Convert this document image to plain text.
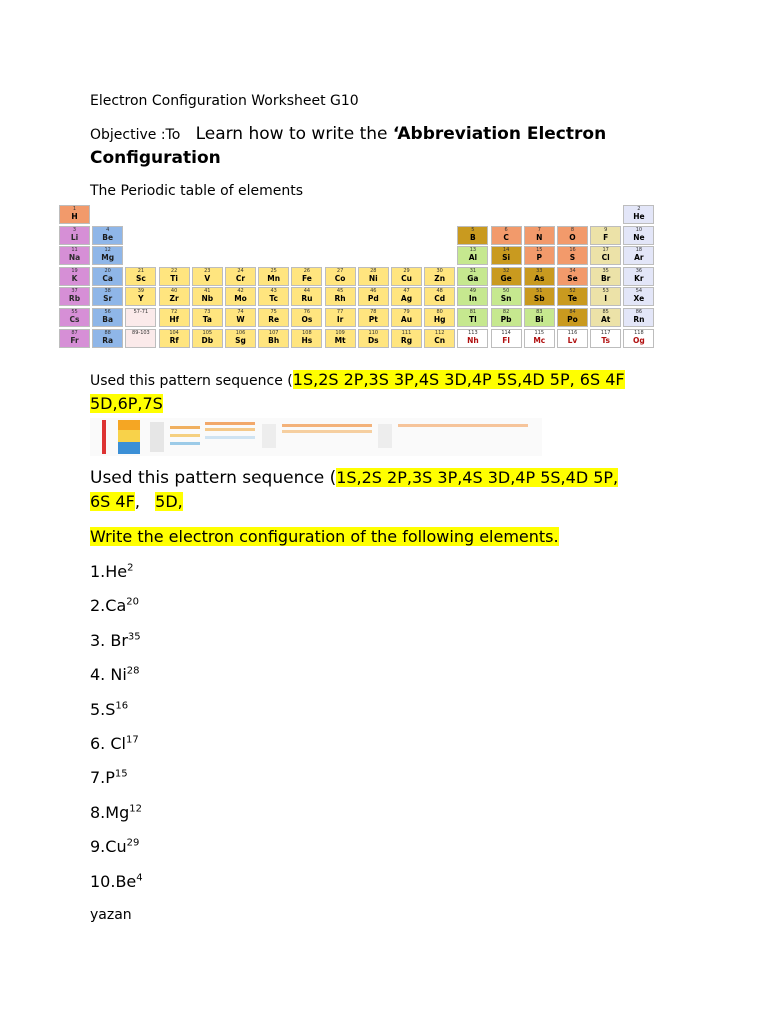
Electron Configuration Worksheet G10
Objective :To Learn how to write the ‘Abbreviation Electron
Configuration
The Periodic table of elements
1
H
2
He
3
Li
4
Be
5
B
6
C
7
N
8
O
9
F
10
Ne
11
Na
12
Mg
13
Al
14
Si
15
P
16
S
17
Cl
18
Ar
19
K
20
Ca
21
Sc
22
Ti
23
V
24
Cr
25
Mn
26
Fe
27
Co
28
Ni
29
Cu
30
Zn
31
Ga
32
Ge
33
As
34
Se
35
Br
36
Kr
37
Rb
38
Sr
39
Y
40
Zr
41
Nb
42
Mo
43
Tc
44
Ru
45
Rh
46
Pd
47
Ag
48
Cd
49
In
50
Sn
51
Sb
52
Te
53
I
54
Xe
55
Cs
56
Ba
57-71	72
Hf
73
Ta
74
W
75
Re
76
Os
77
Ir
78
Pt
79
Au
80
Hg
81
Tl
82
Pb
83
Bi
84
Po
85
At
86
Rn
87
Fr
88
Ra
89-103	104
Rf
105
Db
106
Sg
107
Bh
108
Hs
109
Mt
110
Ds
111
Rg
112
Cn
113
Nh
114
Fl
115
Mc
116
Lv
117
Ts
118
Og
Used this pattern sequence (1S,2S 2P,3S 3P,4S 3D,4P 5S,4D 5P, 6S 4F
5D,6P,7S
Used this pattern sequence (1S,2S 2P,3S 3P,4S 3D,4P 5S,4D 5P,
6S 4F, 5D,
Write the electron configuration of the following elements.
1.He$^2$
2.Ca$^{20}$
3. Br$^{35}$
4. Ni$^{28}$
$5.S^{16}$
6. Cl$^{17}$
$7.P^{15}$
8.Mg$^{12}$
9.Cu$^{29}$
10.Be$^4$
yazan
